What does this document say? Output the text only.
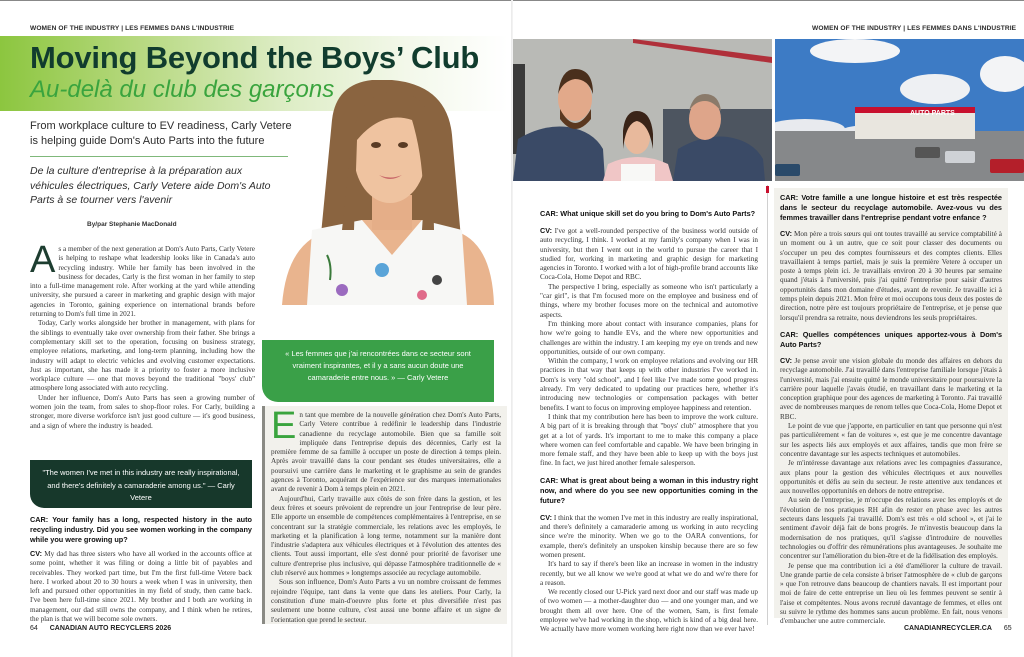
WOMEN OF THE INDUSTRY | LES FEMMES DANS L'INDUSTRIE
Moving Beyond the Boys’ Club
Au-delà du club des garçons
From workplace culture to EV readiness, Carly Vetere is helping guide Dom's Auto Parts into the future
De la culture d'entreprise à la préparation aux véhicules électriques, Carly Vetere aide Dom's Auto Parts à se tourner vers l'avenir
By/par Stephanie MacDonald

As a member of the next generation at Dom's Auto Parts, Carly Vetere is helping to reshape what leadership looks like in Canada's auto recycling industry. While her family has been involved in the business for decades, Carly is the first woman in her family to step into a full-time management role. After working at the yard while attending university, she pursued a career in marketing and graphic design with major agencies in Toronto, gaining experience on international brands before returning to Dom's full time in 2021.

Today, Carly works alongside her brother in management, with plans for the siblings to eventually take over ownership from their father. She brings a complementary skill set to the operation, focusing on business strategy, employee relations, marketing, and long-term planning, including how the industry will adapt to electric vehicles and evolving customer expectations. Just as important, she has made it a priority to foster a more inclusive workplace culture — one that moves beyond the traditional "boys' club" atmosphere long associated with auto recycling.

Under her influence, Dom's Auto Parts has seen a growing number of women join the team, from sales to shop-floor roles. For Carly, building a stronger, more diverse workforce isn't just good culture — it's good business, and a sign of where the industry is headed.

"The women I've met in this industry are really inspirational, and there's definitely a camaraderie among us." — Carly Vetere
CAR: Your family has a long, respected history in the auto recycling industry. Did you see women working in the company while you were growing up?

CV: My dad has three sisters who have all worked in the accounts office at some point, whether it was filing or doing a little bit of payables and receivables. They worked part time, but I'm the first full-time Vetere back here. I worked about 20 to 30 hours a week when I was in university, then left and pursued other opportunities in my field of study, then came back. I've been here full-time since 2021. My brother and I both are working in management, our dad still owns the company, and I think when he retires, the plan is that we will become sole owners.

« Les femmes que j'ai rencontrées dans ce secteur sont vraiment inspirantes, et il y a sans aucun doute une camaraderie entre nous. » — Carly Vetere

En tant que membre de la nouvelle génération chez Dom's Auto Parts, Carly Vetere contribue à redéfinir le leadership dans l'industrie canadienne du recyclage automobile. Bien que sa famille soit impliquée dans l'entreprise depuis des décennies, Carly est la première femme de sa famille à occuper un poste de direction à temps plein. Après avoir travaillé dans la cour pendant ses études universitaires, elle a poursuivi une carrière dans le marketing et le graphisme au sein de grandes agences à Toronto, acquérant de l'expérience sur des marques internationales avant de revenir à Dom à temps plein en 2021.

Aujourd'hui, Carly travaille aux côtés de son frère dans la gestion, et les deux frères et soeurs prévoient de reprendre un jour l'entreprise de leur père. Elle apporte un ensemble de compétences complémentaires à l'entreprise, en se concentrant sur la stratégie commerciale, les relations avec les employés, le marketing et la planification à long terme, notamment sur la manière dont l'industrie s'adaptera aux véhicules électriques et à l'évolution des attentes des clients. Tout aussi important, elle s'est donné pour priorité de favoriser une culture d'entreprise plus inclusive, qui dépasse l'atmosphère traditionnelle de « club réservé aux hommes » longtemps associée au recyclage automobile.

Sous son influence, Dom's Auto Parts a vu un nombre croissant de femmes rejoindre l'équipe, tant dans la vente que dans les ateliers. Pour Carly, la constitution d'une main-d'oeuvre plus forte et plus diversifiée n'est pas seulement une bonne culture, c'est aussi une bonne affaire et un signe de l'orientation que prend le secteur.

64 CANADIAN AUTO RECYCLERS 2026
WOMEN OF THE INDUSTRY | LES FEMMES DANS L'INDUSTRIE
AUTO PARTS
CAR: What unique skill set do you bring to Dom's Auto Parts?

CV: I've got a well-rounded perspective of the business world outside of auto recycling, I think. I worked at my family's company when I was in university, but then I went out in the world to pursue the career that I studied for, working in marketing and graphic design for marketing agencies in Toronto. I worked with a lot of high-profile brand accounts like Coca-Cola, Home Depot and RBC.

The perspective I bring, especially as someone who isn't particularly a "car girl", is that I'm focused more on the employee and business end of things, where my brother focuses more on the technical and automotive aspects.

I'm thinking more about contact with insurance companies, plans for how we're going to handle EVs, and the where new opportunities and challenges are within the industry. I am keeping my eye on trends and new opportunities, outside of our own company.

Within the company, I work on employee relations and evolving our HR practices in that way that keeps up with other industries I've worked in. Dom's is very "old school", and I feel like I've made some good progress already. I'm very dedicated to updating our practices here, whether it's introducing new technologies or compensation packages with better benefits. I want to focus on improving employee happiness and retention.

I think that my contribution here has been to improve the work culture. A big part of it is breaking through that "boys' club" atmosphere that you get at a lot of yards. It's important to me to make this company a place where women can feel comfortable and capable. We have been bringing in more female staff, and they have been able to keep up with the boys just fine. In fact, we just hired another female salesperson.

CAR: What is great about being a woman in this industry right now, and where do you see new opportunities coming in the future?

CV: I think that the women I've met in this industry are really inspirational, and there's definitely a camaraderie among us working in auto recycling since we're the minority. When we go to the OARA conventions, for example, there's definitely an unspoken kinship because there are so few women present.

It's hard to say if there's been like an increase in women in the industry recently, but we all know we we're good at what we do and we're there for a reason.

We recently closed our U-Pick yard next door and our staff was made up of two women — a mother-daughter duo — and one younger man, and we brought them all over here. One of the women, Sam, is first female employee we've had working in the shop, which is kind of a big deal here. We actually have more women working here right now than we ever have!

CAR: Votre famille a une longue histoire et est très respectée dans le secteur du recyclage automobile. Avez-vous vu des femmes travailler dans l'entreprise pendant votre enfance ?

CV: Mon père a trois sœurs qui ont toutes travaillé au service comptabilité à un moment ou à un autre, que ce soit pour classer des documents ou s'occuper un peu des comptes fournisseurs et des comptes clients. Elles travaillaient à temps partiel, mais je suis la première Vetere à occuper un poste à temps plein ici. Je travaillais environ 20 à 30 heures par semaine quand j'étais à l'université, puis j'ai quitté l'entreprise pour saisir d'autres opportunités dans mon domaine d'études, avant de revenir. Je travaille ici à temps plein depuis 2021. Mon frère et moi occupons tous deux des postes de direction, notre père est toujours propriétaire de l'entreprise, et je pense que lorsqu'il prendra sa retraite, nous deviendrons les seuls propriétaires.

CAR: Quelles compétences uniques apportez-vous à Dom's Auto Parts?

CV: Je pense avoir une vision globale du monde des affaires en dehors du recyclage automobile. J'ai travaillé dans l'entreprise familiale lorsque j'étais à l'université, mais j'ai ensuite quitté le monde universitaire pour poursuivre la carrière pour laquelle j'avais étudié, en travaillant dans le marketing et la conception graphique pour des agences de marketing à Toronto. J'ai travaillé avec de nombreuses marques de renom telles que Coca-Cola, Home Depot et RBC.

Le point de vue que j'apporte, en particulier en tant que personne qui n'est pas particulièrement « fan de voitures », est que je me concentre davantage sur les aspects liés aux employés et aux affaires, tandis que mon frère se concentre davantage sur les aspects techniques et automobiles.

Je m'intéresse davantage aux relations avec les compagnies d'assurance, aux plans pour la gestion des véhicules électriques et aux nouvelles opportunités et défis au sein du secteur. Je reste attentive aux tendances et aux nouvelles opportunités en dehors de notre entreprise.

Au sein de l'entreprise, je m'occupe des relations avec les employés et de l'évolution de nos pratiques RH afin de rester en phase avec les autres secteurs dans lesquels j'ai travaillé. Dom's est très « old school », et j'ai le sentiment d'avoir déjà fait de bons progrès. Je m'investis beaucoup dans la modernisation de nos pratiques, qu'il s'agisse d'introduire de nouvelles technologies ou d'offrir des rémunérations plus avantageuses. Je souhaite me concentrer sur l'amélioration du bien-être et de la fidélisation des employés.

Je pense que ma contribution ici a été d'améliorer la culture de travail. Une grande partie de cela consiste à briser l'atmosphère de « club de garçons » que l'on retrouve dans beaucoup de chantiers navals. Il est important pour moi de faire de cette entreprise un lieu où les femmes peuvent se sentir à l'aise et compétentes. Nous avons recruté davantage de femmes, et elles ont su suivre le rythme des hommes sans aucun problème. En fait, nous venons d'embaucher une autre commerciale.

CANADIANRECYCLER.CA 65
